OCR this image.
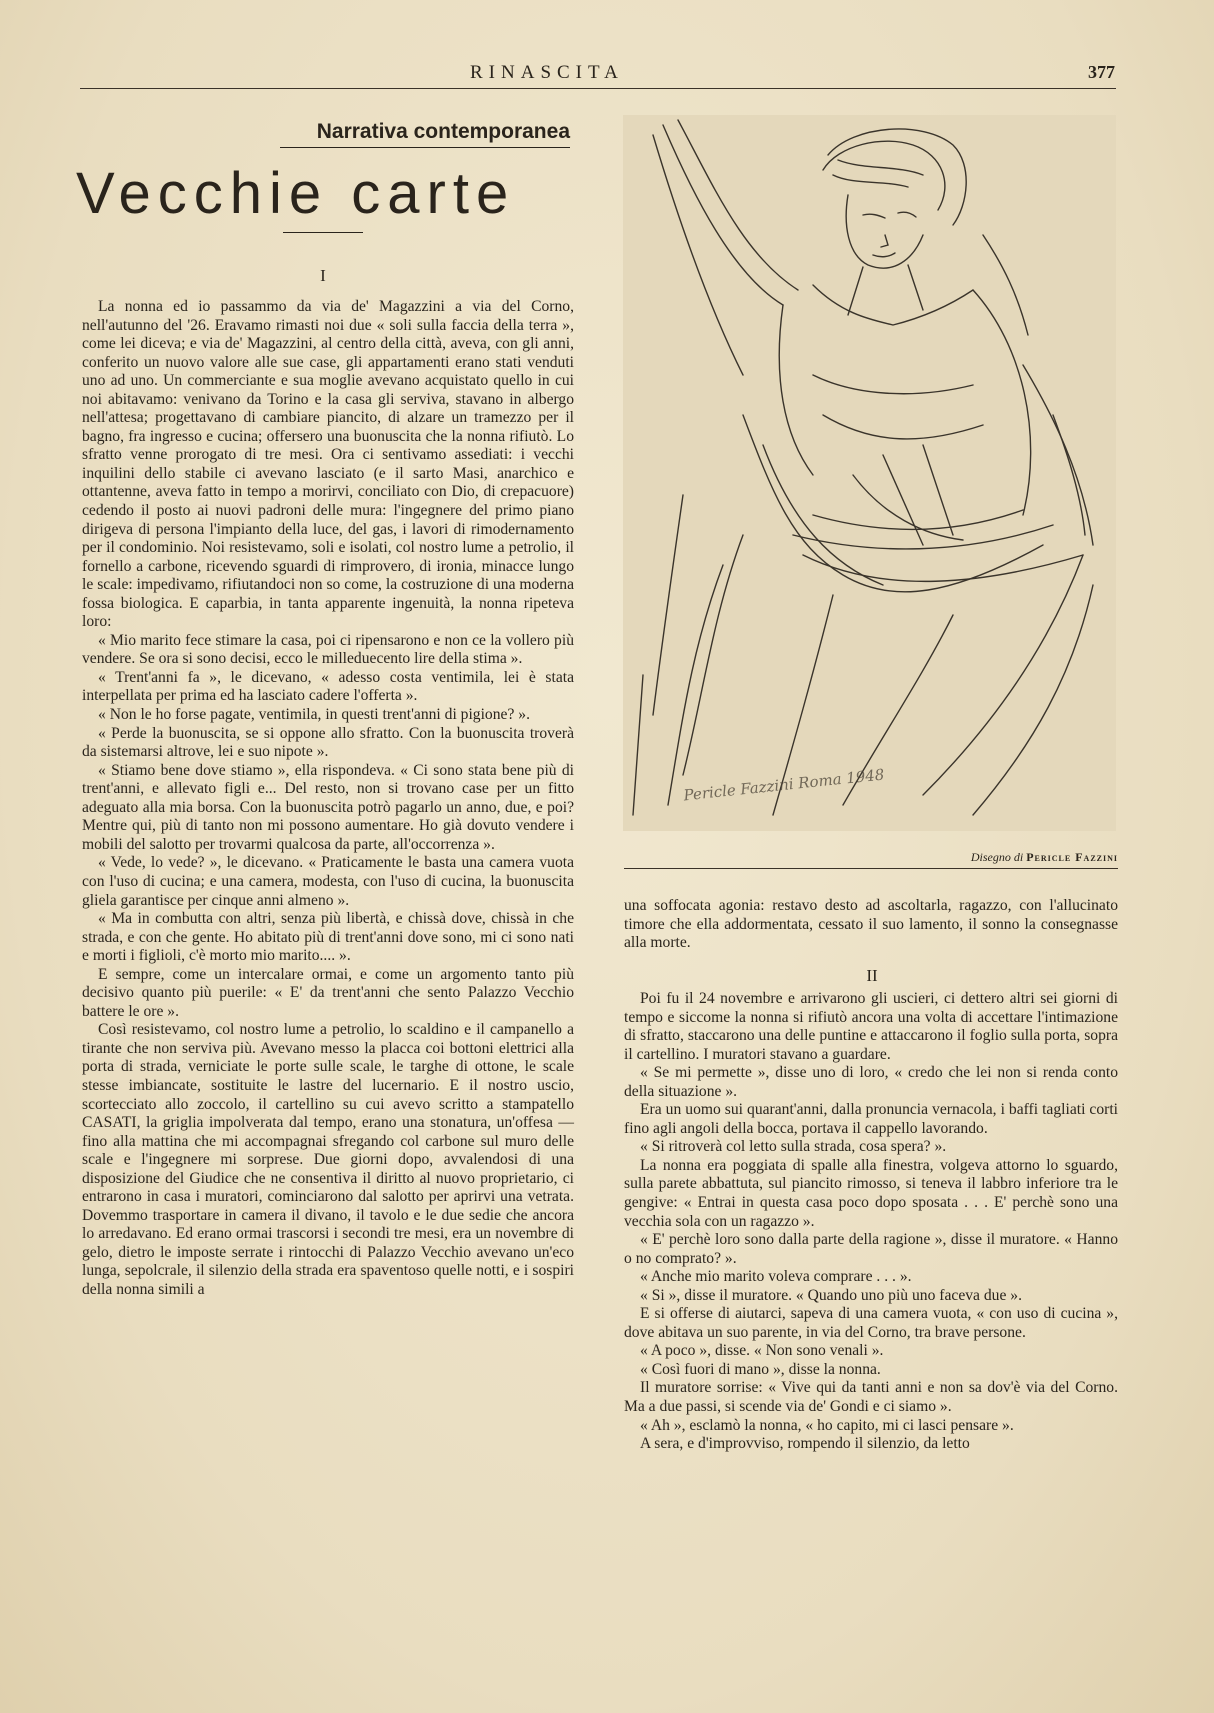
RINASCITA	377
Narrativa contemporanea
Vecchie carte
I

La nonna ed io passammo da via de' Magazzini a via del Corno, nell'autunno del '26. Eravamo rimasti noi due « soli sulla faccia della terra », come lei diceva; e via de' Magazzini, al centro della città, aveva, con gli anni, conferito un nuovo valore alle sue case, gli appartamenti erano stati venduti uno ad uno. Un commerciante e sua moglie avevano acquistato quello in cui noi abitavamo: venivano da Torino e la casa gli serviva, stavano in albergo nell'attesa; progettavano di cambiare piancito, di alzare un tramezzo per il bagno, fra ingresso e cucina; offersero una buonuscita che la nonna rifiutò. Lo sfratto venne prorogato di tre mesi. Ora ci sentivamo assediati: i vecchi inquilini dello stabile ci avevano lasciato (e il sarto Masi, anarchico e ottantenne, aveva fatto in tempo a morirvi, conciliato con Dio, di crepacuore) cedendo il posto ai nuovi padroni delle mura: l'ingegnere del primo piano dirigeva di persona l'impianto della luce, del gas, i lavori di rimodernamento per il condominio. Noi resistevamo, soli e isolati, col nostro lume a petrolio, il fornello a carbone, ricevendo sguardi di rimprovero, di ironia, minacce lungo le scale: impedivamo, rifiutandoci non so come, la costruzione di una moderna fossa biologica. E caparbia, in tanta apparente ingenuità, la nonna ripeteva loro:

« Mio marito fece stimare la casa, poi ci ripensarono e non ce la vollero più vendere. Se ora si sono decisi, ecco le milleduecento lire della stima ».

« Trent'anni fa », le dicevano, « adesso costa ventimila, lei è stata interpellata per prima ed ha lasciato cadere l'offerta ».

« Non le ho forse pagate, ventimila, in questi trent'anni di pigione? ».

« Perde la buonuscita, se si oppone allo sfratto. Con la buonuscita troverà da sistemarsi altrove, lei e suo nipote ».

« Stiamo bene dove stiamo », ella rispondeva. « Ci sono stata bene più di trent'anni, e allevato figli e... Del resto, non si trovano case per un fitto adeguato alla mia borsa. Con la buonuscita potrò pagarlo un anno, due, e poi? Mentre qui, più di tanto non mi possono aumentare. Ho già dovuto vendere i mobili del salotto per trovarmi qualcosa da parte, all'occorrenza ».

« Vede, lo vede? », le dicevano. « Praticamente le basta una camera vuota con l'uso di cucina; e una camera, modesta, con l'uso di cucina, la buonuscita gliela garantisce per cinque anni almeno ».

« Ma in combutta con altri, senza più libertà, e chissà dove, chissà in che strada, e con che gente. Ho abitato più di trent'anni dove sono, mi ci sono nati e morti i figlioli, c'è morto mio marito.... ».

E sempre, come un intercalare ormai, e come un argomento tanto più decisivo quanto più puerile: « E' da trent'anni che sento Palazzo Vecchio battere le ore ».

Così resistevamo, col nostro lume a petrolio, lo scaldino e il campanello a tirante che non serviva più. Avevano messo la placca coi bottoni elettrici alla porta di strada, verniciate le porte sulle scale, le targhe di ottone, le scale stesse imbiancate, sostituite le lastre del lucernario. E il nostro uscio, scortecciato allo zoccolo, il cartellino su cui avevo scritto a stampatello CASATI, la griglia impolverata dal tempo, erano una stonatura, un'offesa — fino alla mattina che mi accompagnai sfregando col carbone sul muro delle scale e l'ingegnere mi sorprese. Due giorni dopo, avvalendosi di una disposizione del Giudice che ne consentiva il diritto al nuovo proprietario, ci entrarono in casa i muratori, cominciarono dal salotto per aprirvi una vetrata. Dovemmo trasportare in camera il divano, il tavolo e le due sedie che ancora lo arredavano. Ed erano ormai trascorsi i secondi tre mesi, era un novembre di gelo, dietro le imposte serrate i rintocchi di Palazzo Vecchio avevano un'eco lunga, sepolcrale, il silenzio della strada era spaventoso quelle notti, e i sospiri della nonna simili a

Pericle Fazzini Roma 1948
Disegno di Pericle Fazzini

una soffocata agonia: restavo desto ad ascoltarla, ragazzo, con l'allucinato timore che ella addormentata, cessato il suo lamento, il sonno la consegnasse alla morte.

II

Poi fu il 24 novembre e arrivarono gli uscieri, ci dettero altri sei giorni di tempo e siccome la nonna si rifiutò ancora una volta di accettare l'intimazione di sfratto, staccarono una delle puntine e attaccarono il foglio sulla porta, sopra il cartellino. I muratori stavano a guardare.

« Se mi permette », disse uno di loro, « credo che lei non si renda conto della situazione ».

Era un uomo sui quarant'anni, dalla pronuncia vernacola, i baffi tagliati corti fino agli angoli della bocca, portava il cappello lavorando.

« Si ritroverà col letto sulla strada, cosa spera? ».

La nonna era poggiata di spalle alla finestra, volgeva attorno lo sguardo, sulla parete abbattuta, sul piancito rimosso, si teneva il labbro inferiore tra le gengive: « Entrai in questa casa poco dopo sposata . . . E' perchè sono una vecchia sola con un ragazzo ».

« E' perchè loro sono dalla parte della ragione », disse il muratore. « Hanno o no comprato? ».

« Anche mio marito voleva comprare . . . ».

« Si », disse il muratore. « Quando uno più uno faceva due ».

E si offerse di aiutarci, sapeva di una camera vuota, « con uso di cucina », dove abitava un suo parente, in via del Corno, tra brave persone.

« A poco », disse. « Non sono venali ».

« Così fuori di mano », disse la nonna.

Il muratore sorrise: « Vive qui da tanti anni e non sa dov'è via del Corno. Ma a due passi, si scende via de' Gondi e ci siamo ».

« Ah », esclamò la nonna, « ho capito, mi ci lasci pensare ».

A sera, e d'improvviso, rompendo il silenzio, da letto
